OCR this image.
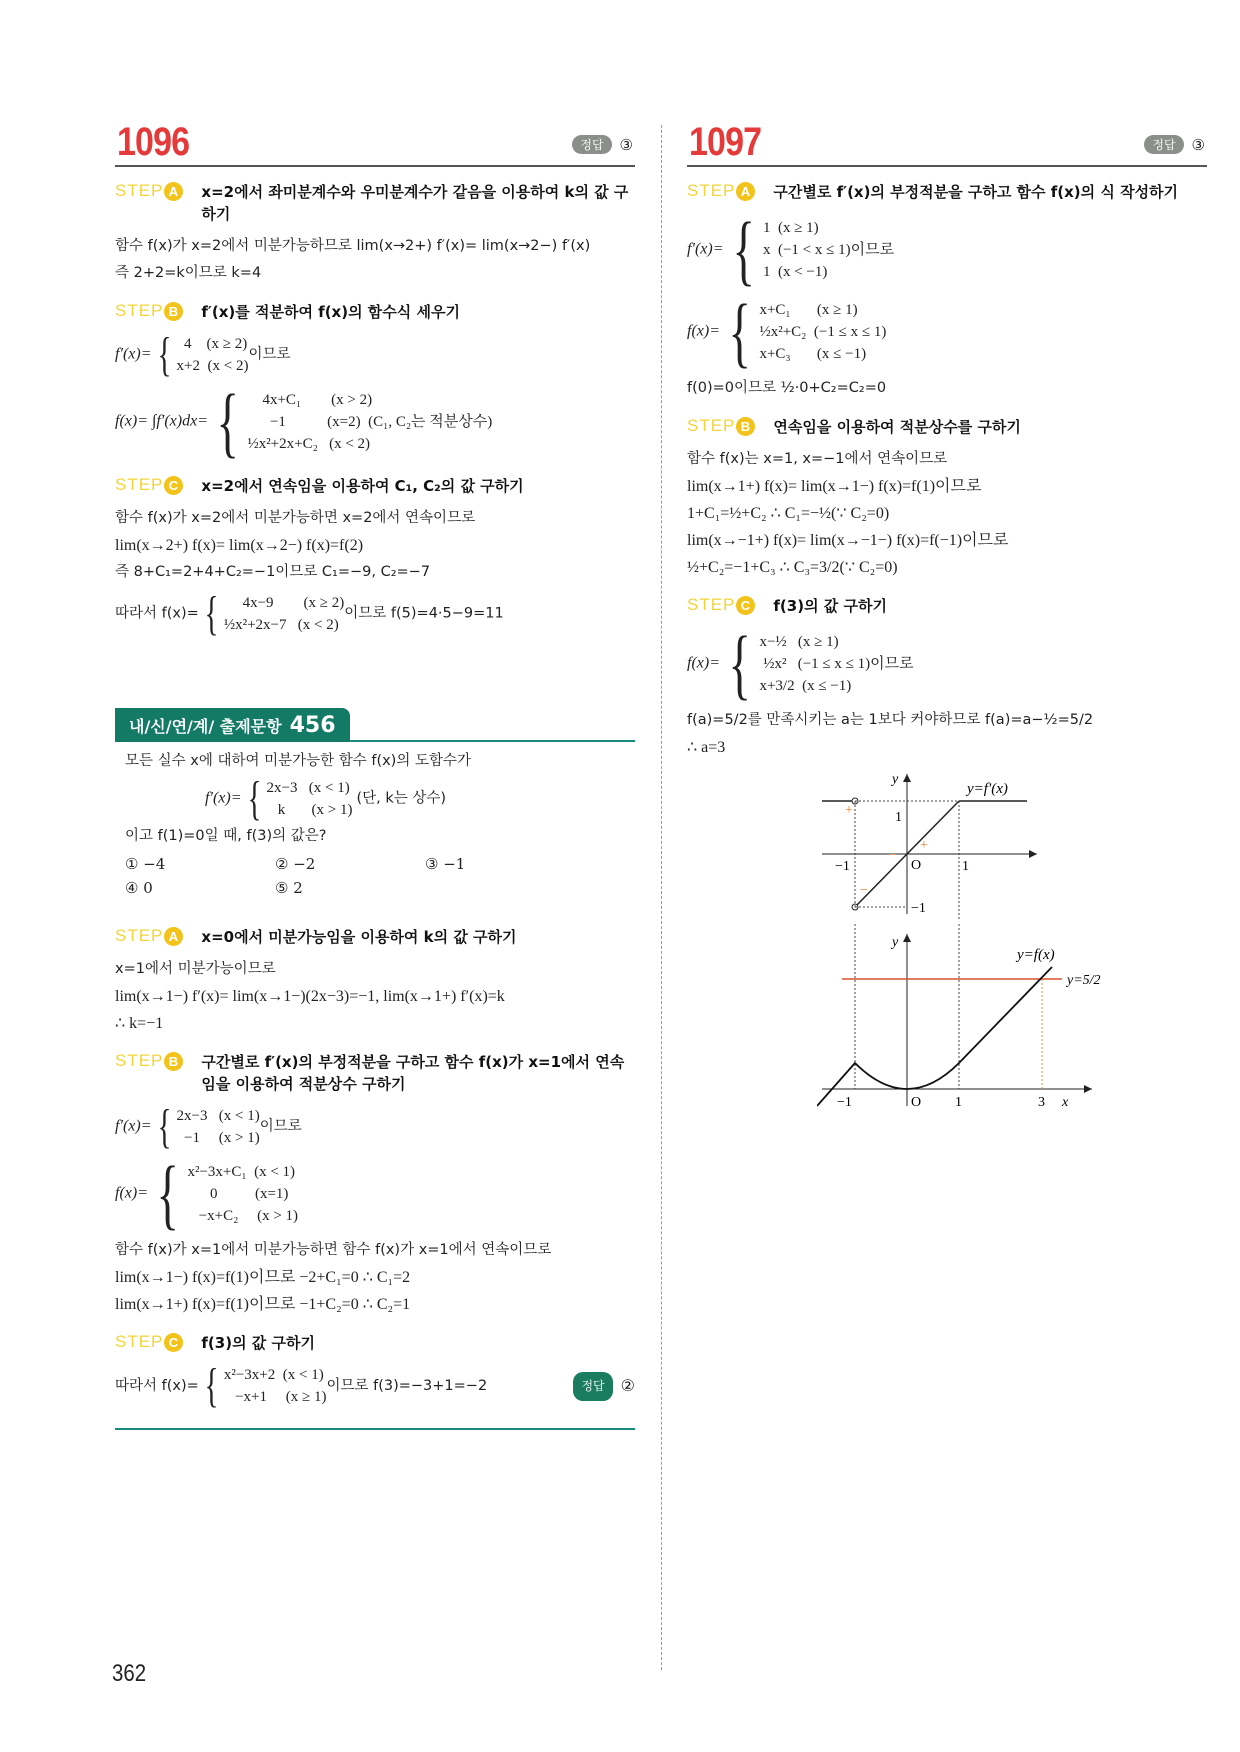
1096	정답	③
STEP A x=2에서 좌미분계수와 우미분계수가 같음을 이용하여 k의 값 구하기
함수 f(x)가 x=2에서 미분가능하므로 lim(x→2+) f′(x)= lim(x→2−) f′(x)
즉 2+2=k이므로 k=4
STEP B f′(x)를 적분하여 f(x)의 함수식 세우기
f′(x)= { 4    (x ≥ 2)
x+2  (x < 2)
이므로
f(x)= ∫f′(x)dx= { 4x+C₁        (x > 2)
−1           (x=2)  (C₁, C₂는 적분상수)
½x²+2x+C₂   (x < 2)
STEP C x=2에서 연속임을 이용하여 C₁, C₂의 값 구하기
함수 f(x)가 x=2에서 미분가능하면 x=2에서 연속이므로
lim(x→2+) f(x)= lim(x→2−) f(x)=f(2)
즉 8+C₁=2+4+C₂=−1이므로 C₁=−9, C₂=−7
따라서 f(x)= { 4x−9        (x ≥ 2)
½x²+2x−7   (x < 2)
이므로 f(5)=4·5−9=11
내/신/연/계/ 출제문항 456
모든 실수 x에 대하여 미분가능한 함수 f(x)의 도함수가
f′(x)= { 2x−3   (x < 1)
k       (x > 1)
(단, k는 상수)
이고 f(1)=0일 때, f(3)의 값은?
① −4	② −2	③ −1
④ 0	⑤ 2
STEP A x=0에서 미분가능임을 이용하여 k의 값 구하기
x=1에서 미분가능이므로
lim(x→1−) f′(x)= lim(x→1−)(2x−3)=−1, lim(x→1+) f′(x)=k
∴ k=−1
STEP B 구간별로 f′(x)의 부정적분을 구하고 함수 f(x)가 x=1에서 연속임을 이용하여 적분상수 구하기
f′(x)= { 2x−3   (x < 1)
−1     (x > 1)
이므로
f(x)= { x²−3x+C₁  (x < 1)
0          (x=1)
−x+C₂     (x > 1)
함수 f(x)가 x=1에서 미분가능하면 함수 f(x)가 x=1에서 연속이므로
lim(x→1−) f(x)=f(1)이므로 −2+C₁=0 ∴ C₁=2
lim(x→1+) f(x)=f(1)이므로 −1+C₂=0 ∴ C₂=1
STEP C f(3)의 값 구하기
따라서 f(x)= { x²−3x+2  (x < 1)
−x+1     (x ≥ 1)
이므로 f(3)=−3+1=−2	정답	②
1097	정답	③
STEP A 구간별로 f′(x)의 부정적분을 구하고 함수 f(x)의 식 작성하기
f′(x)= { 1  (x ≥ 1)
x  (−1 < x ≤ 1)이므로
1  (x < −1)
f(x)= { x+C₁       (x ≥ 1)
½x²+C₂  (−1 ≤ x ≤ 1)
x+C₃       (x ≤ −1)
f(0)=0이므로 ½·0+C₂=C₂=0
STEP B 연속임을 이용하여 적분상수를 구하기
함수 f(x)는 x=1, x=−1에서 연속이므로
lim(x→1+) f(x)= lim(x→1−) f(x)=f(1)이므로
1+C₁=½+C₂ ∴ C₁=−½(∵ C₂=0)
lim(x→−1+) f(x)= lim(x→−1−) f(x)=f(−1)이므로
½+C₂=−1+C₃ ∴ C₃=3/2(∵ C₂=0)
STEP C f(3)의 값 구하기
f(x)= { x−½   (x ≥ 1)
½x²   (−1 ≤ x ≤ 1)이므로
x+3/2  (x ≤ −1)
f(a)=5/2를 만족시키는 a는 1보다 커야하므로 f(a)=a−½=5/2
∴ a=3
y
y=f′(x)
O
−1	1
1
−1
+
−
+
−

y
y=f(x)
y=5/2
O
−1	1	3 x
362
